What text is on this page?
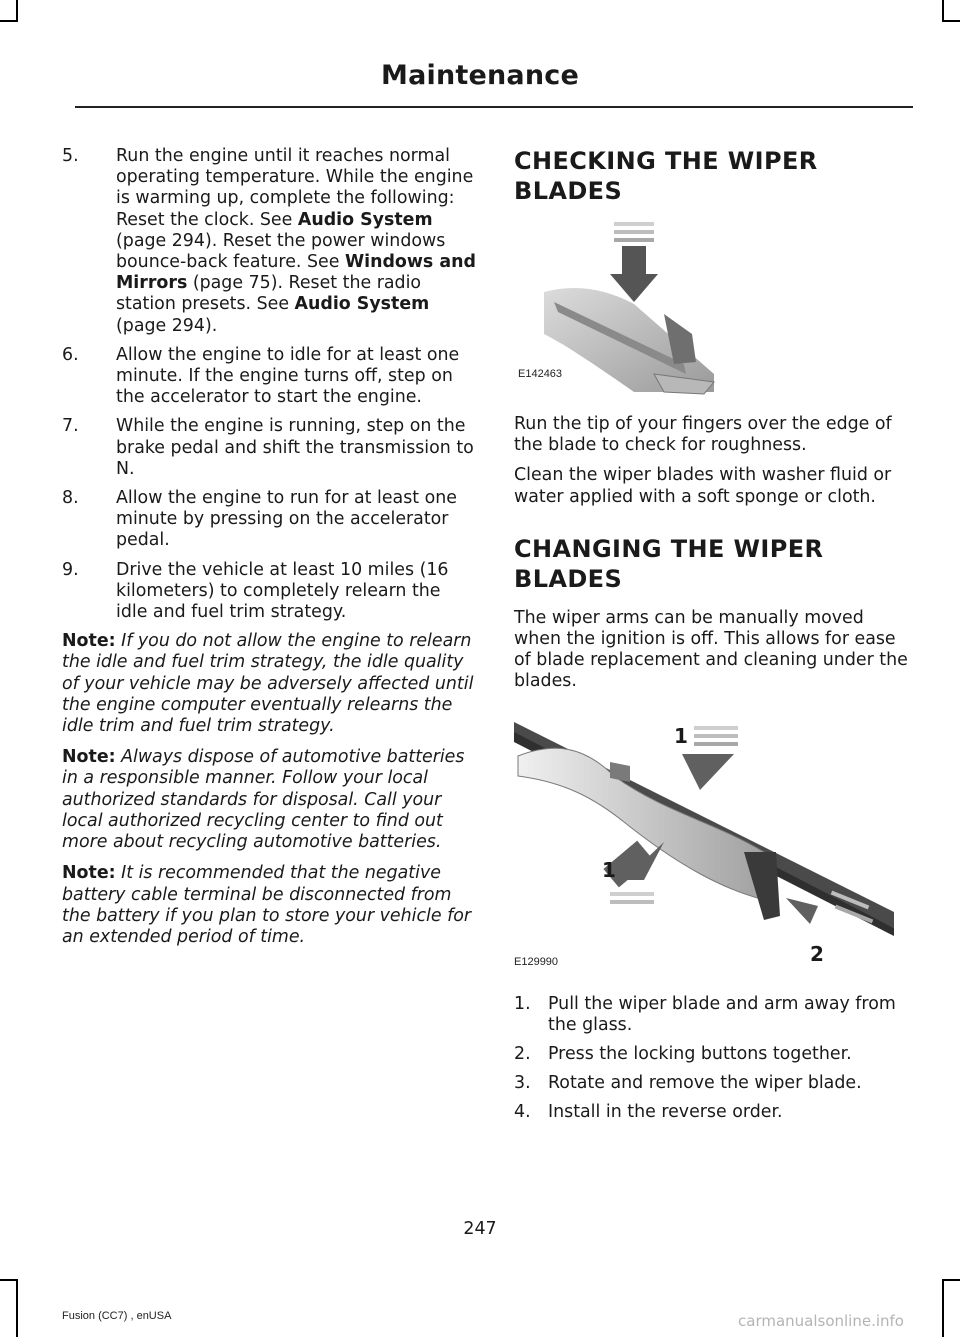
Maintenance
5.	Run the engine until it reaches normal operating temperature. While the engine is warming up, complete the following: Reset the clock. See Audio System (page 294). Reset the power windows bounce-back feature. See Windows and Mirrors (page 75). Reset the radio station presets. See Audio System (page 294).
6.	Allow the engine to idle for at least one minute. If the engine turns off, step on the accelerator to start the engine.
7.	While the engine is running, step on the brake pedal and shift the transmission to N.
8.	Allow the engine to run for at least one minute by pressing on the accelerator pedal.
9.	Drive the vehicle at least 10 miles (16 kilometers) to completely relearn the idle and fuel trim strategy.
Note: If you do not allow the engine to relearn the idle and fuel trim strategy, the idle quality of your vehicle may be adversely affected until the engine computer eventually relearns the idle trim and fuel trim strategy.
Note: Always dispose of automotive batteries in a responsible manner. Follow your local authorized standards for disposal. Call your local authorized recycling center to find out more about recycling automotive batteries.
Note: It is recommended that the negative battery cable terminal be disconnected from the battery if you plan to store your vehicle for an extended period of time.
CHECKING THE WIPER
BLADES
E142463

Run the tip of your fingers over the edge of the blade to check for roughness.

Clean the wiper blades with washer fluid or water applied with a soft sponge or cloth.

CHANGING THE WIPER
BLADES

The wiper arms can be manually moved when the ignition is off. This allows for ease of blade replacement and cleaning under the blades.

1
1
2
E129990
1.	Pull the wiper blade and arm away from the glass.
2.	Press the locking buttons together.
3.	Rotate and remove the wiper blade.
4.	Install in the reverse order.
247
Fusion (CC7) , enUSA	carmanualsonline.info
